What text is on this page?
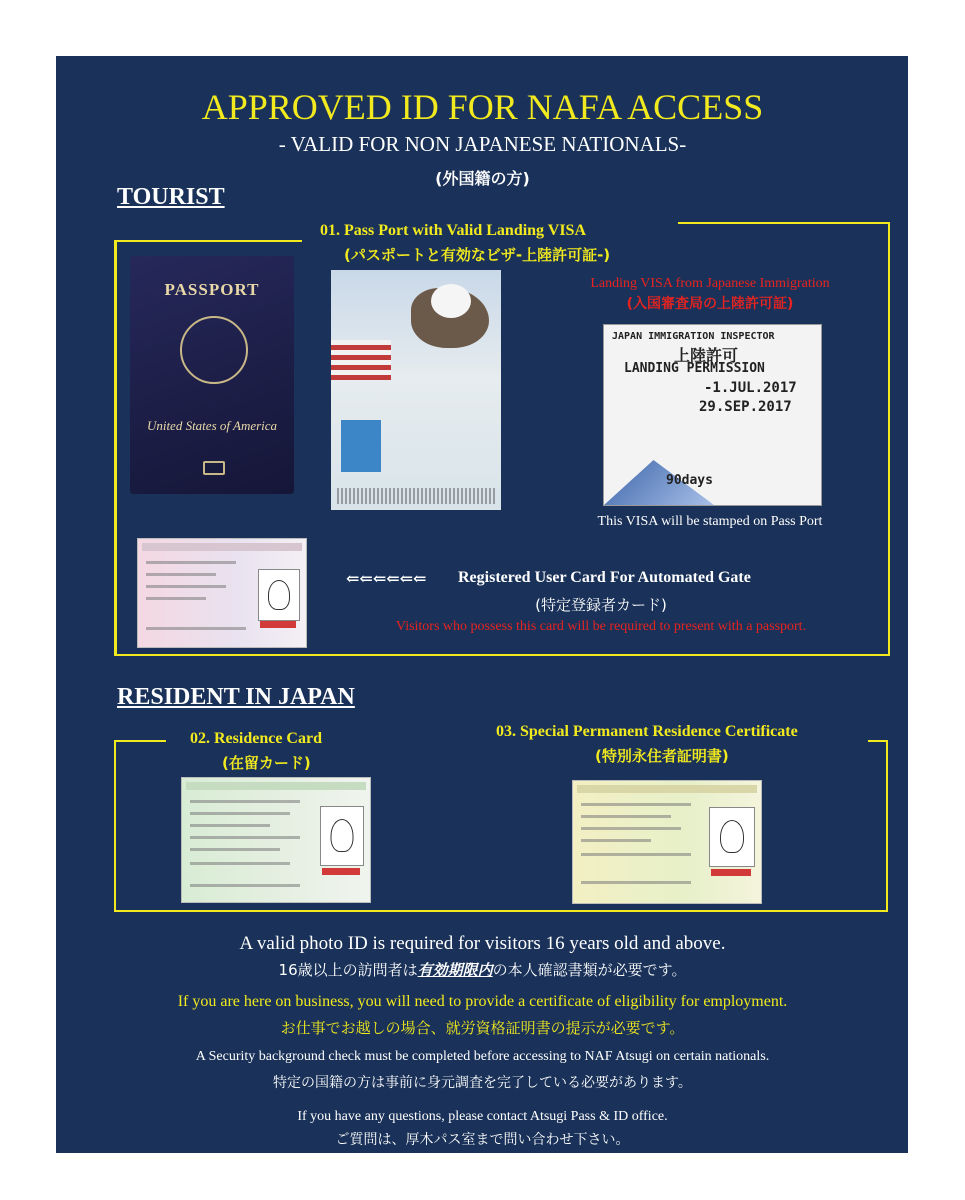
APPROVED ID FOR NAFA ACCESS
- VALID FOR NON JAPANESE NATIONALS-
(外国籍の方)
TOURIST
01. Pass Port with Valid Landing VISA
(パスポートと有効なビザ-上陸許可証-)
PASSPORT
United States of America
Landing VISA from Japanese Immigration
(入国審査局の上陸許可証)
JAPAN IMMIGRATION INSPECTOR
上陸許可
LANDING PERMISSION
-1.JUL.2017
29.SEP.2017
90days
This VISA will be stamped on Pass Port
⇐⇐⇐⇐⇐⇐ Registered User Card For Automated Gate
(特定登録者カード)
Visitors who possess this card will be required to present with a passport.
RESIDENT IN JAPAN
02. Residence Card
(在留カード)
03. Special Permanent Residence Certificate
(特別永住者証明書)
A valid photo ID is required for visitors 16 years old and above.
16歳以上の訪問者は有効期限内の本人確認書類が必要です。
If you are here on business, you will need to provide a certificate of eligibility for employment.
お仕事でお越しの場合、就労資格証明書の提示が必要です。
A Security background check must be completed before accessing to NAF Atsugi on certain nationals.
特定の国籍の方は事前に身元調査を完了している必要があります。
If you have any questions, please contact Atsugi Pass & ID office.
ご質問は、厚木パス室まで問い合わせ下さい。
